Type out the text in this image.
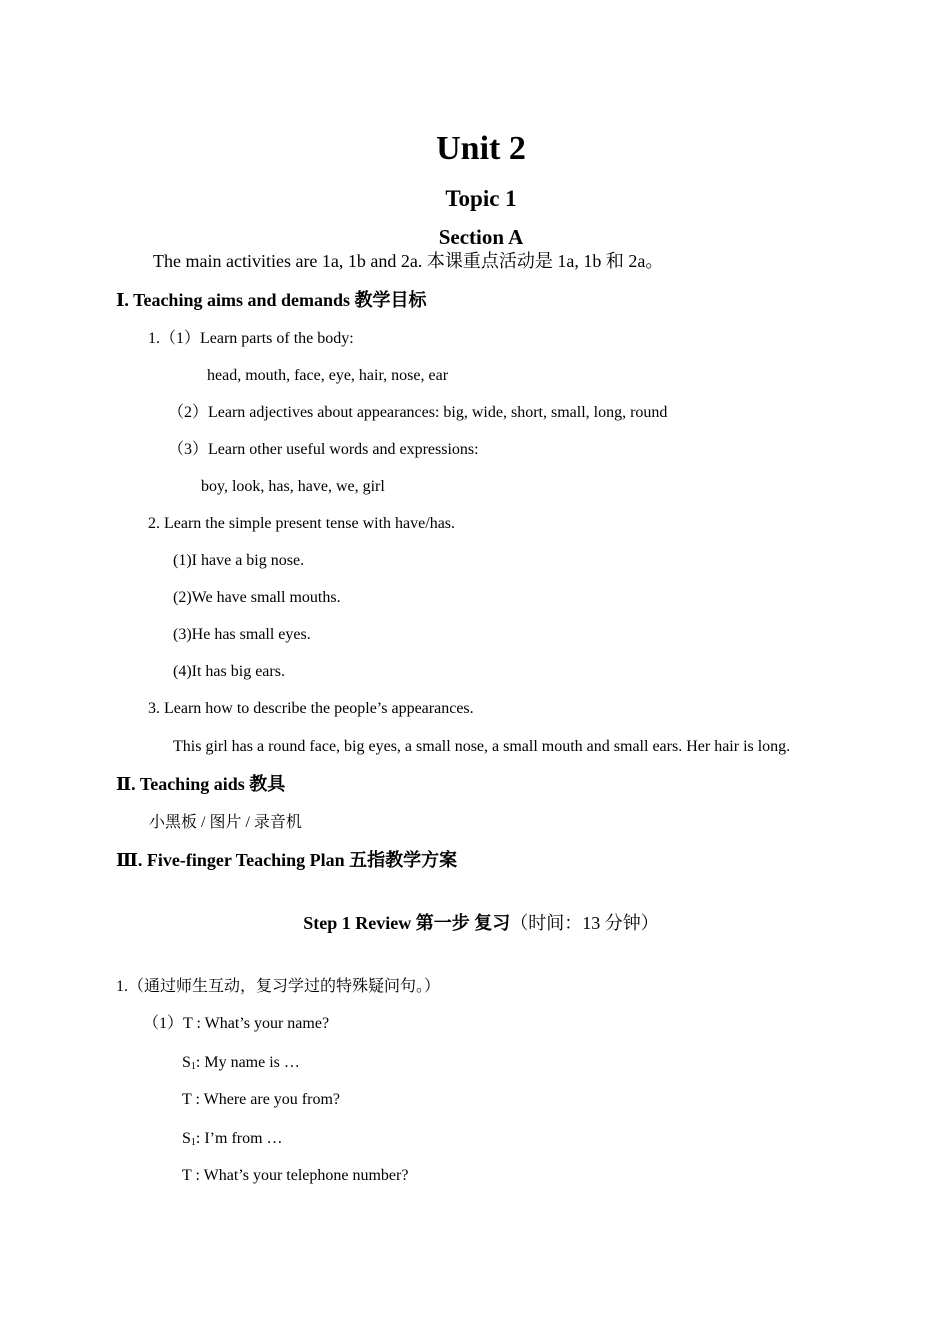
Unit 2
Topic 1
Section A
The main activities are 1a, 1b and 2a. 本课重点活动是 1a, 1b 和 2a。
Ⅰ. Teaching aims and demands 教学目标
1.（1）Learn parts of the body:
head, mouth, face, eye, hair, nose, ear
（2）Learn adjectives about appearances: big, wide, short, small, long, round
（3）Learn other useful words and expressions:
boy, look, has, have, we, girl
2. Learn the simple present tense with have/has.
(1)I have a big nose.
(2)We have small mouths.
(3)He has small eyes.
(4)It has big ears.
3. Learn how to describe the people’s appearances.
This girl has a round face, big eyes, a small nose, a small mouth and small ears. Her hair is long.
Ⅱ. Teaching aids 教具
小黑板 / 图片 / 录音机
Ⅲ. Five-finger Teaching Plan 五指教学方案
Step 1 Review 第一步 复习（时间：13 分钟）
1.（通过师生互动，复习学过的特殊疑问句。）
（1）T : What’s your name?
$S_1$: My name is …
T : Where are you from?
$S_1$: I’m from …
T : What’s your telephone number?
